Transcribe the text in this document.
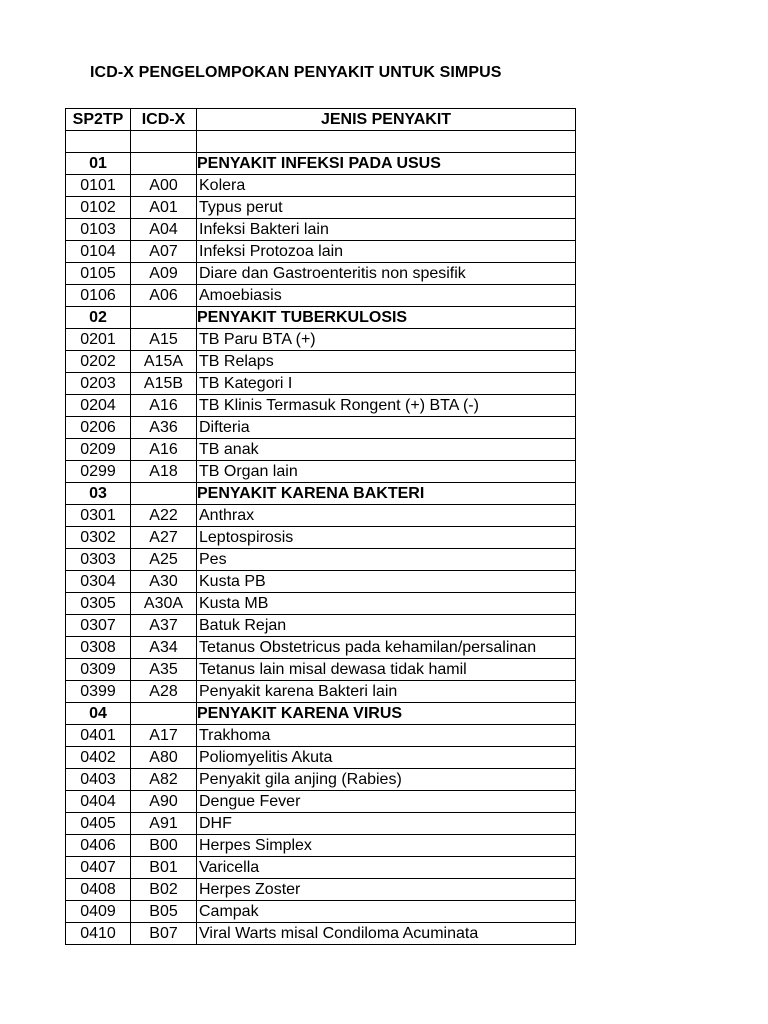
ICD-X PENGELOMPOKAN PENYAKIT UNTUK SIMPUS
SP2TP	ICD-X	JENIS PENYAKIT

01		PENYAKIT INFEKSI PADA USUS
0101	A00	Kolera
0102	A01	Typus perut
0103	A04	Infeksi Bakteri lain
0104	A07	Infeksi Protozoa lain
0105	A09	Diare dan Gastroenteritis non spesifik
0106	A06	Amoebiasis
02		PENYAKIT TUBERKULOSIS
0201	A15	TB Paru BTA (+)
0202	A15A	TB Relaps
0203	A15B	TB Kategori I
0204	A16	TB Klinis Termasuk Rongent (+) BTA (-)
0206	A36	Difteria
0209	A16	TB anak
0299	A18	TB Organ lain
03		PENYAKIT KARENA BAKTERI
0301	A22	Anthrax
0302	A27	Leptospirosis
0303	A25	Pes
0304	A30	Kusta PB
0305	A30A	Kusta MB
0307	A37	Batuk Rejan
0308	A34	Tetanus Obstetricus pada kehamilan/persalinan
0309	A35	Tetanus lain misal dewasa tidak hamil
0399	A28	Penyakit karena Bakteri lain
04		PENYAKIT KARENA VIRUS
0401	A17	Trakhoma
0402	A80	Poliomyelitis Akuta
0403	A82	Penyakit gila anjing (Rabies)
0404	A90	Dengue Fever
0405	A91	DHF
0406	B00	Herpes Simplex
0407	B01	Varicella
0408	B02	Herpes Zoster
0409	B05	Campak
0410	B07	Viral Warts misal Condiloma Acuminata
